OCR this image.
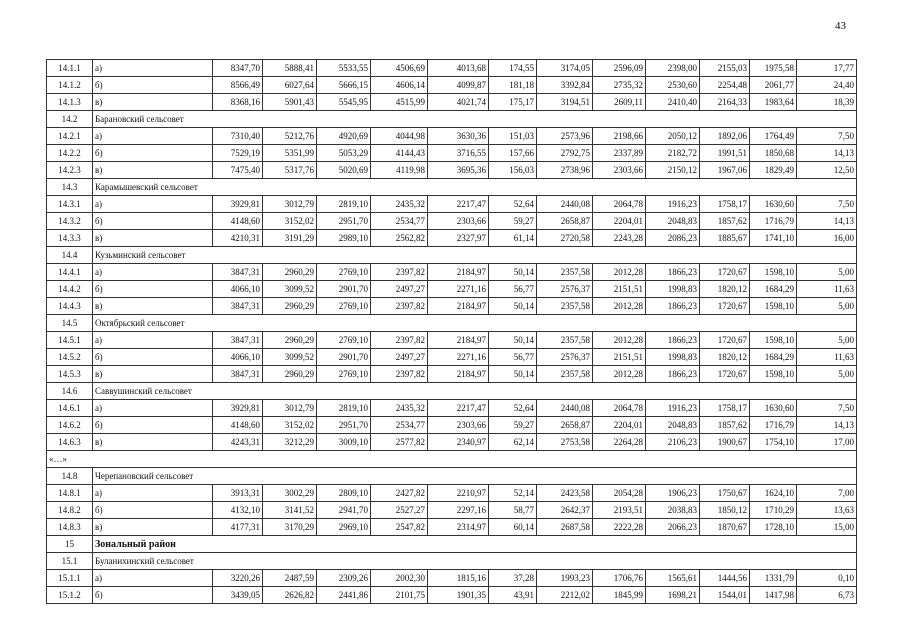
43
14.1.1	а)	8347,70	5888,41	5533,55	4506,69	4013,68	174,55	3174,05	2596,09	2398,00	2155,03	1975,58	17,77
14.1.2	б)	8566,49	6027,64	5666,15	4606,14	4099,87	181,18	3392,84	2735,32	2530,60	2254,48	2061,77	24,40
14.1.3	в)	8368,16	5901,43	5545,95	4515,99	4021,74	175,17	3194,51	2609,11	2410,40	2164,33	1983,64	18,39
14.2	Барановский сельсовет												
14.2.1	а)	7310,40	5212,76	4920,69	4044,98	3630,36	151,03	2573,96	2198,66	2050,12	1892,06	1764,49	7,50
14.2.2	б)	7529,19	5351,99	5053,29	4144,43	3716,55	157,66	2792,75	2337,89	2182,72	1991,51	1850,68	14,13
14.2.3	в)	7475,40	5317,76	5020,69	4119,98	3695,36	156,03	2738,96	2303,66	2150,12	1967,06	1829,49	12,50
14.3	Карамышевский сельсовет												
14.3.1	а)	3929,81	3012,79	2819,10	2435,32	2217,47	52,64	2440,08	2064,78	1916,23	1758,17	1630,60	7,50
14.3.2	б)	4148,60	3152,02	2951,70	2534,77	2303,66	59,27	2658,87	2204,01	2048,83	1857,62	1716,79	14,13
14.3.3	в)	4210,31	3191,29	2989,10	2562,82	2327,97	61,14	2720,58	2243,28	2086,23	1885,67	1741,10	16,00
14.4	Кузьминский сельсовет												
14.4.1	а)	3847,31	2960,29	2769,10	2397,82	2184,97	50,14	2357,58	2012,28	1866,23	1720,67	1598,10	5,00
14.4.2	б)	4066,10	3099,52	2901,70	2497,27	2271,16	56,77	2576,37	2151,51	1998,83	1820,12	1684,29	11,63
14.4.3	в)	3847,31	2960,29	2769,10	2397,82	2184,97	50,14	2357,58	2012,28	1866,23	1720,67	1598,10	5,00
14.5	Октябрьский сельсовет												
14.5.1	а)	3847,31	2960,29	2769,10	2397,82	2184,97	50,14	2357,58	2012,28	1866,23	1720,67	1598,10	5,00
14.5.2	б)	4066,10	3099,52	2901,70	2497,27	2271,16	56,77	2576,37	2151,51	1998,83	1820,12	1684,29	11,63
14.5.3	в)	3847,31	2960,29	2769,10	2397,82	2184,97	50,14	2357,58	2012,28	1866,23	1720,67	1598,10	5,00
14.6	Саввушинский сельсовет												
14.6.1	а)	3929,81	3012,79	2819,10	2435,32	2217,47	52,64	2440,08	2064,78	1916,23	1758,17	1630,60	7,50
14.6.2	б)	4148,60	3152,02	2951,70	2534,77	2303,66	59,27	2658,87	2204,01	2048,83	1857,62	1716,79	14,13
14.6.3	в)	4243,31	3212,29	3009,10	2577,82	2340,97	62,14	2753,58	2264,28	2106,23	1900,67	1754,10	17,00
«…»													
14.8	Черепановский сельсовет												
14.8.1	а)	3913,31	3002,29	2809,10	2427,82	2210,97	52,14	2423,58	2054,28	1906,23	1750,67	1624,10	7,00
14.8.2	б)	4132,10	3141,52	2941,70	2527,27	2297,16	58,77	2642,37	2193,51	2038,83	1850,12	1710,29	13,63
14.8.3	в)	4177,31	3170,29	2969,10	2547,82	2314,97	60,14	2687,58	2222,28	2066,23	1870,67	1728,10	15,00
15	Зональный район												
15.1	Буланихинский сельсовет												
15.1.1	а)	3220,26	2487,59	2309,26	2002,30	1815,16	37,28	1993,23	1706,76	1565,61	1444,56	1331,79	0,10
15.1.2	б)	3439,05	2626,82	2441,86	2101,75	1901,35	43,91	2212,02	1845,99	1698,21	1544,01	1417,98	6,73
